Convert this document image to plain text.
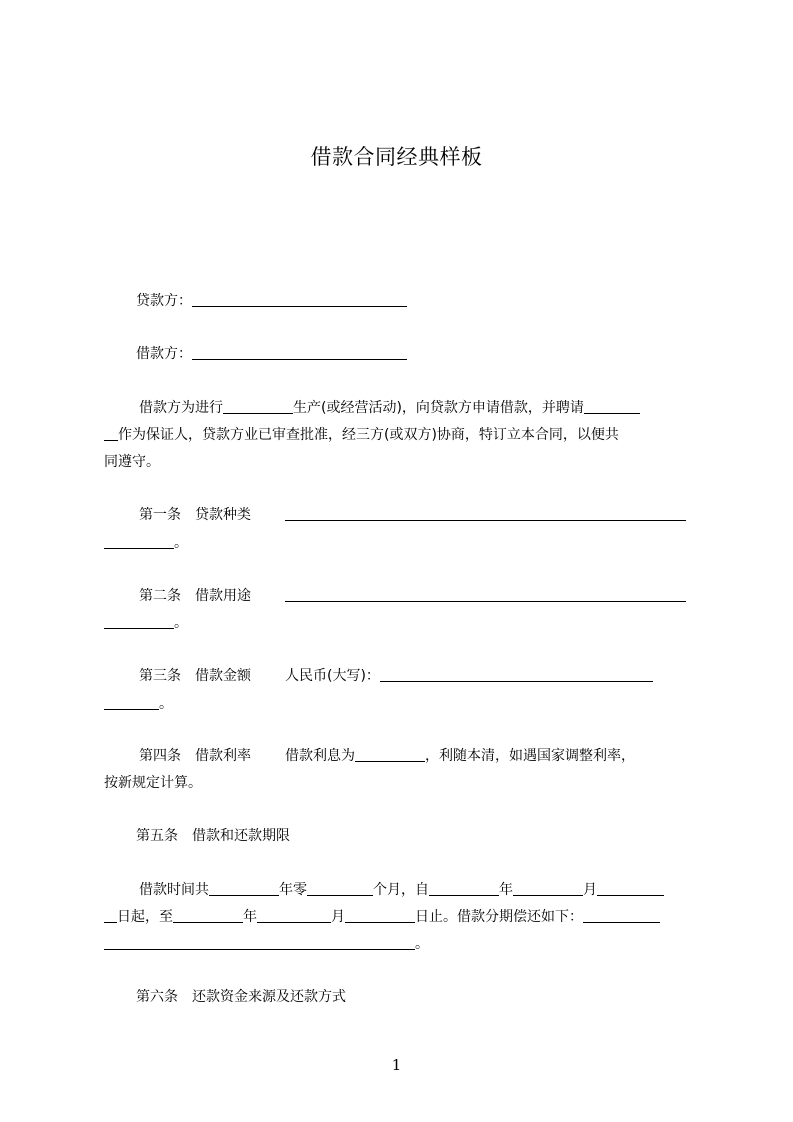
借款合同经典样板
贷款方：
借款方：
借款方为进行	生产(或经营活动)，向贷款方申请借款，并聘请
作为保证人，贷款方业已审查批准，经三方(或双方)协商，特订立本合同，以便共
同遵守。
第一条 贷款种类
。
第二条 借款用途
。
第三条 借款金额 人民币(大写)：
。
第四条 借款利率 借款利息为	，利随本清，如遇国家调整利率，
按新规定计算。
第五条 借款和还款期限
借款时间共	年零	个月，自	年	月
日起，至	年	月	日止。借款分期偿还如下：
。
第六条 还款资金来源及还款方式
1
